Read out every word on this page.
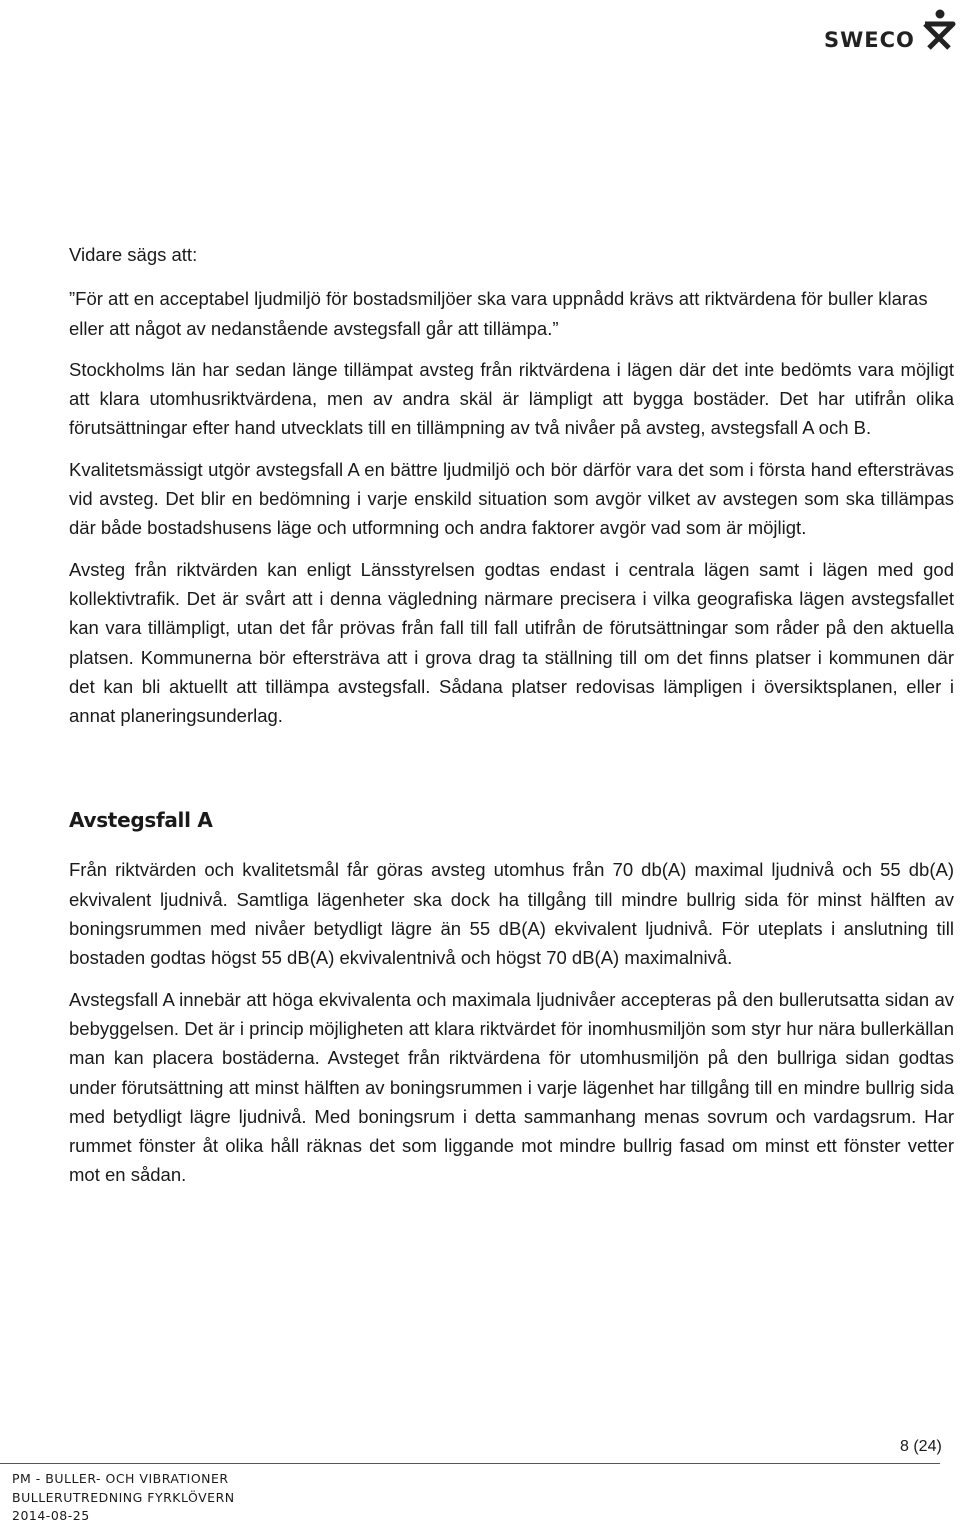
SWECO

Vidare sägs att:

”För att en acceptabel ljudmiljö för bostadsmiljöer ska vara uppnådd krävs att riktvärdena för buller klaras eller att något av nedanstående avstegsfall går att tillämpa.”

Stockholms län har sedan länge tillämpat avsteg från riktvärdena i lägen där det inte bedömts vara möjligt att klara utomhusriktvärdena, men av andra skäl är lämpligt att bygga bostäder. Det har utifrån olika förutsättningar efter hand utvecklats till en tillämpning av två nivåer på avsteg, avstegsfall A och B.

Kvalitetsmässigt utgör avstegsfall A en bättre ljudmiljö och bör därför vara det som i första hand eftersträvas vid avsteg. Det blir en bedömning i varje enskild situation som avgör vilket av avstegen som ska tillämpas där både bostadshusens läge och utformning och andra faktorer avgör vad som är möjligt.

Avsteg från riktvärden kan enligt Länsstyrelsen godtas endast i centrala lägen samt i lägen med god kollektivtrafik. Det är svårt att i denna vägledning närmare precisera i vilka geografiska lägen avstegsfallet kan vara tillämpligt, utan det får prövas från fall till fall utifrån de förutsättningar som råder på den aktuella platsen. Kommunerna bör eftersträva att i grova drag ta ställning till om det finns platser i kommunen där det kan bli aktuellt att tillämpa avstegsfall. Sådana platser redovisas lämpligen i översiktsplanen, eller i annat planeringsunderlag.

Avstegsfall A

Från riktvärden och kvalitetsmål får göras avsteg utomhus från 70 db(A) maximal ljudnivå och 55 db(A) ekvivalent ljudnivå. Samtliga lägenheter ska dock ha tillgång till mindre bullrig sida för minst hälften av boningsrummen med nivåer betydligt lägre än 55 dB(A) ekvivalent ljudnivå. För uteplats i anslutning till bostaden godtas högst 55 dB(A) ekvivalentnivå och högst 70 dB(A) maximalnivå.

Avstegsfall A innebär att höga ekvivalenta och maximala ljudnivåer accepteras på den bullerutsatta sidan av bebyggelsen. Det är i princip möjligheten att klara riktvärdet för inomhusmiljön som styr hur nära bullerkällan man kan placera bostäderna. Avsteget från riktvärdena för utomhusmiljön på den bullriga sidan godtas under förutsättning att minst hälften av boningsrummen i varje lägenhet har tillgång till en mindre bullrig sida med betydligt lägre ljudnivå. Med boningsrum i detta sammanhang menas sovrum och vardagsrum. Har rummet fönster åt olika håll räknas det som liggande mot mindre bullrig fasad om minst ett fönster vetter mot en sådan.

8 (24)
PM - BULLER- OCH VIBRATIONER
BULLERUTREDNING FYRKLÖVERN
2014-08-25
